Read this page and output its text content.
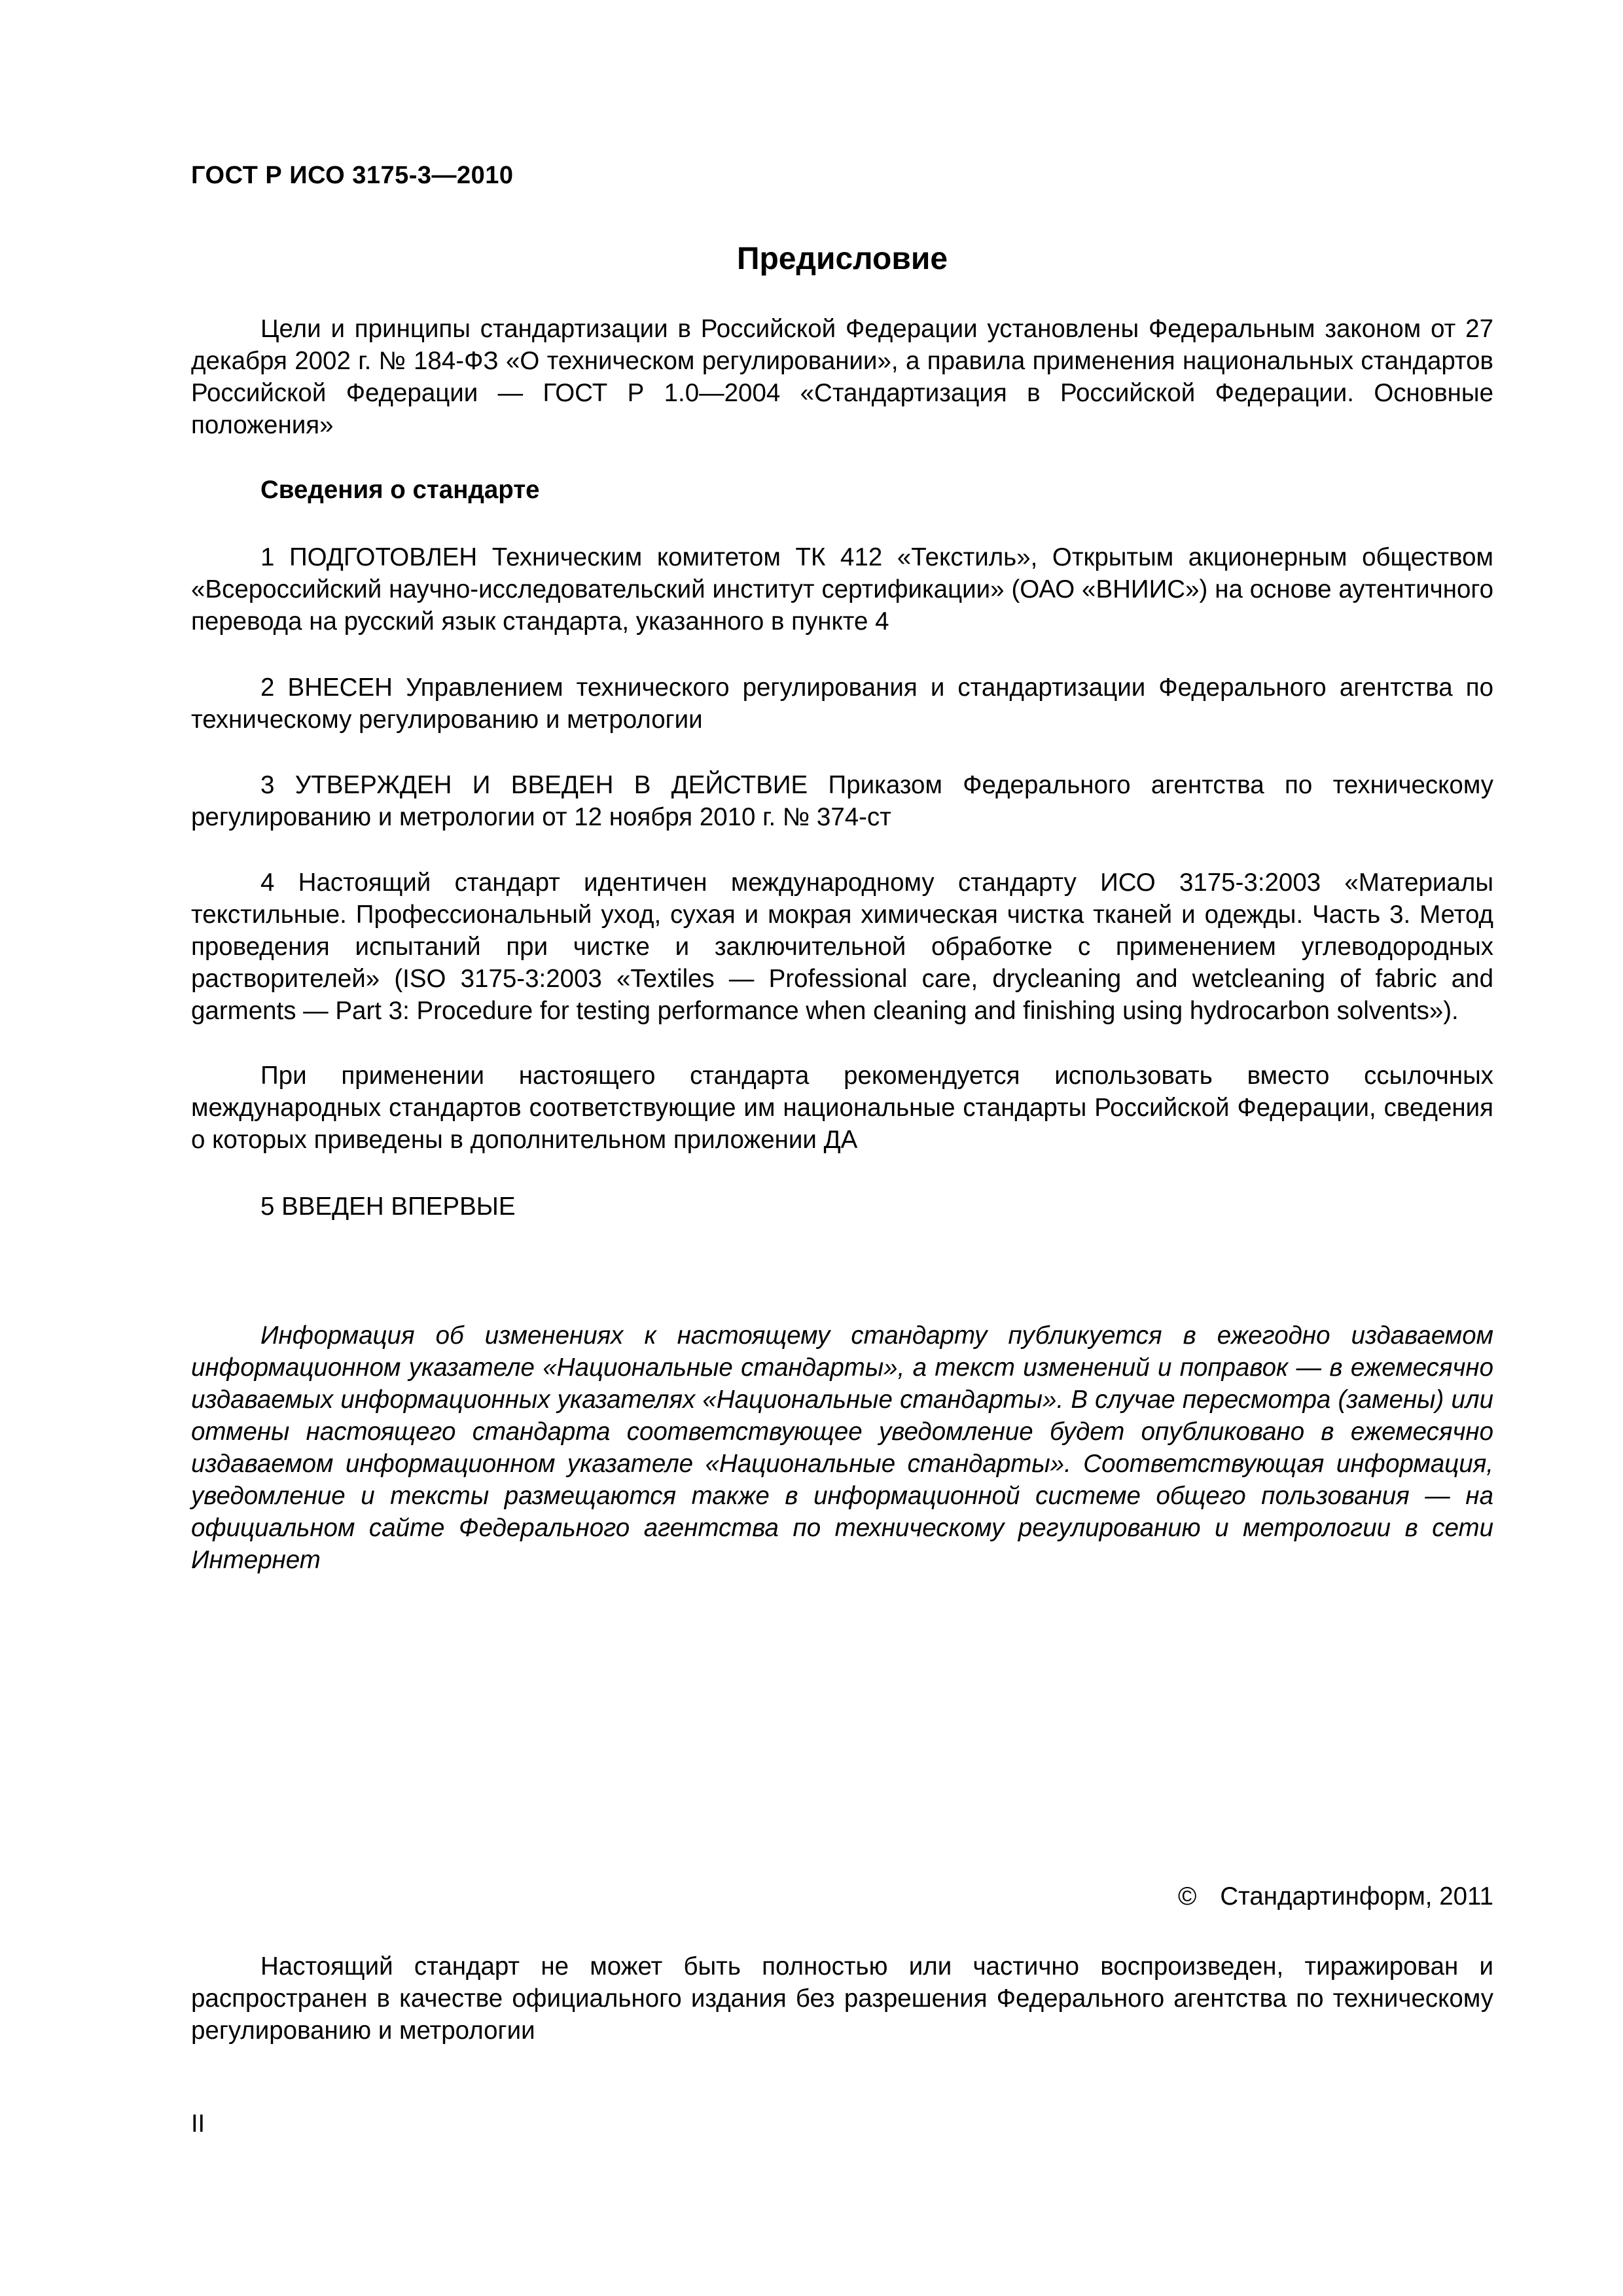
ГОСТ Р ИСО 3175-3—2010
Предисловие

Цели и принципы стандартизации в Российской Федерации установлены Федеральным законом от 27 декабря 2002 г. № 184-ФЗ «О техническом регулировании», а правила применения национальных стандартов Российской Федерации — ГОСТ Р 1.0—2004 «Стандартизация в Российской Федерации. Основные положения»

Сведения о стандарте

1 ПОДГОТОВЛЕН Техническим комитетом ТК 412 «Текстиль», Открытым акционерным обществом «Всероссийский научно-исследовательский институт сертификации» (ОАО «ВНИИС») на основе аутентичного перевода на русский язык стандарта, указанного в пункте 4

2 ВНЕСЕН Управлением технического регулирования и стандартизации Федерального агентства по техническому регулированию и метрологии

3 УТВЕРЖДЕН И ВВЕДЕН В ДЕЙСТВИЕ Приказом Федерального агентства по техническому регулированию и метрологии от 12 ноября 2010 г. № 374-ст

4 Настоящий стандарт идентичен международному стандарту ИСО 3175-3:2003 «Материалы текстильные. Профессиональный уход, сухая и мокрая химическая чистка тканей и одежды. Часть 3. Метод проведения испытаний при чистке и заключительной обработке с применением углеводородных растворителей» (ISO 3175-3:2003 «Textiles — Professional care, drycleaning and wetcleaning of fabric and garments — Part 3: Procedure for testing performance when cleaning and finishing using hydrocarbon solvents»).

При применении настоящего стандарта рекомендуется использовать вместо ссылочных международных стандартов соответствующие им национальные стандарты Российской Федерации, сведения о которых приведены в дополнительном приложении ДА

5 ВВЕДЕН ВПЕРВЫЕ

Информация об изменениях к настоящему стандарту публикуется в ежегодно издаваемом информационном указателе «Национальные стандарты», а текст изменений и поправок — в ежемесячно издаваемых информационных указателях «Национальные стандарты». В случае пересмотра (замены) или отмены настоящего стандарта соответствующее уведомление будет опубликовано в ежемесячно издаваемом информационном указателе «Национальные стандарты». Соответствующая информация, уведомление и тексты размещаются также в информационной системе общего пользования — на официальном сайте Федерального агентства по техническому регулированию и метрологии в сети Интернет

© Стандартинформ, 2011

Настоящий стандарт не может быть полностью или частично воспроизведен, тиражирован и распространен в качестве официального издания без разрешения Федерального агентства по техническому регулированию и метрологии

II
